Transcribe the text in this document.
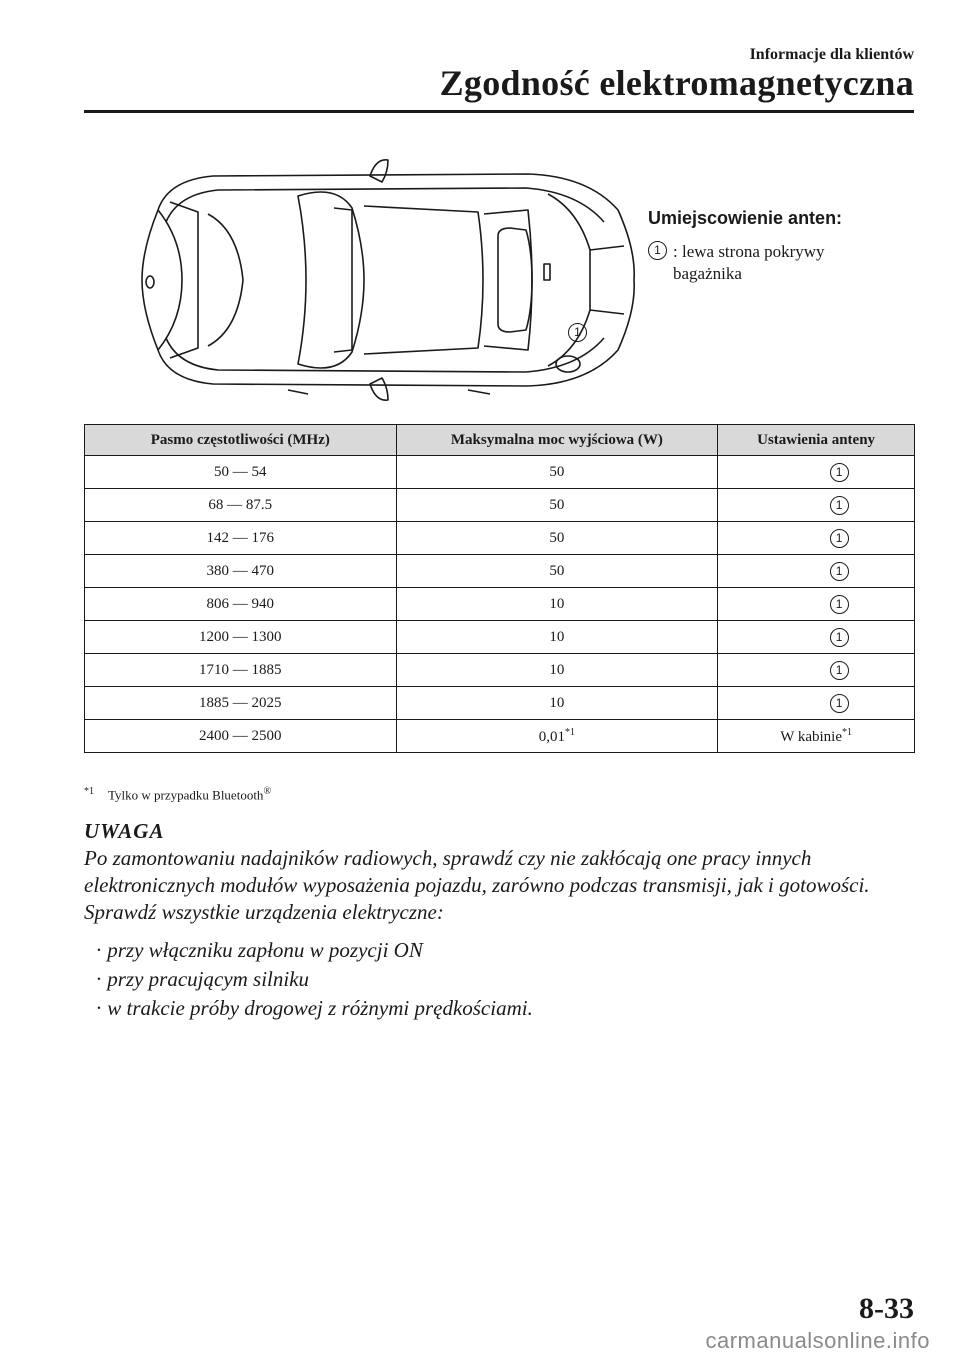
Informacje dla klientów
Zgodność elektromagnetyczna
1
Umiejscowienie anten:
1 : lewa strona pokrywy bagażnika
Pasmo częstotliwości (MHz)	Maksymalna moc wyjściowa (W)	Ustawienia anteny
50 — 54	50	1
68 — 87.5	50	1
142 — 176	50	1
380 — 470	50	1
806 — 940	10	1
1200 — 1300	10	1
1710 — 1885	10	1
1885 — 2025	10	1
2400 — 2500	0,01$^{*1}$	W kabinie$^{*1}$
$^{*1}$ Tylko w przypadku Bluetooth®
UWAGA
Po zamontowaniu nadajników radiowych, sprawdź czy nie zakłócają one pracy innych elektronicznych modułów wyposażenia pojazdu, zarówno podczas transmisji, jak i gotowości.
Sprawdź wszystkie urządzenia elektryczne:
· przy włączniku zapłonu w pozycji ON
· przy pracującym silniku
· w trakcie próby drogowej z różnymi prędkościami.
8-33
carmanualsonline.info
